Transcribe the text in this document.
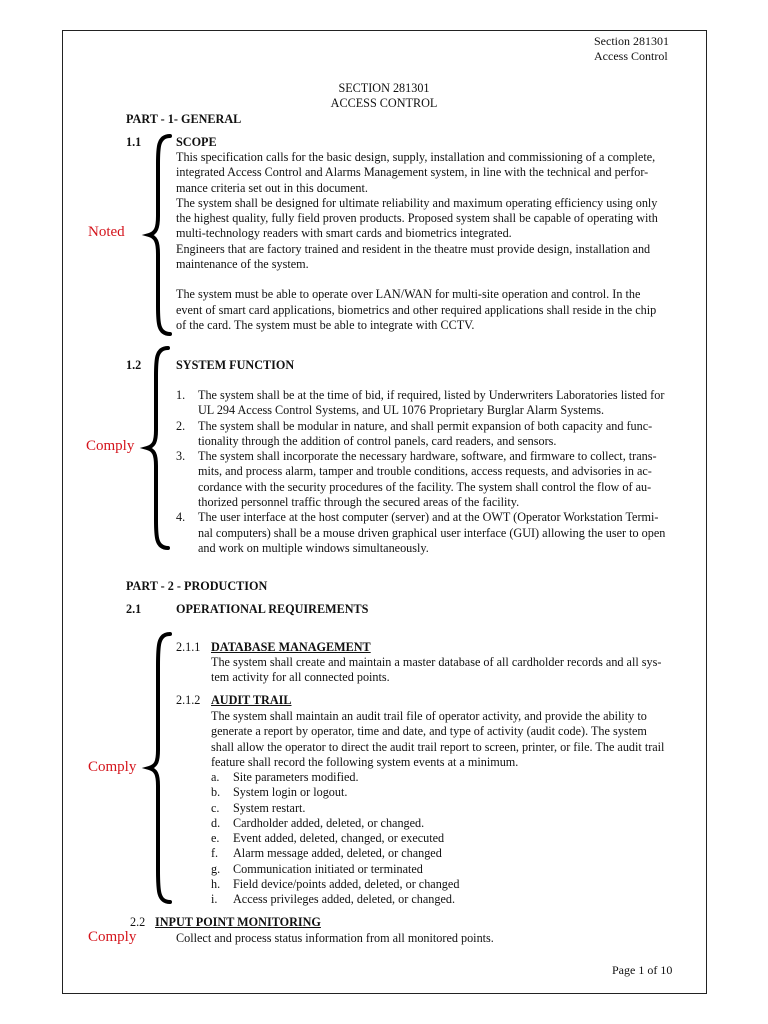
Section 281301
Access Control
SECTION 281301
ACCESS CONTROL
PART - 1- GENERAL
1.1	SCOPE
This specification calls for the basic design, supply, installation and commissioning of a complete,
integrated Access Control and Alarms Management system, in line with the technical and perfor-
mance criteria set out in this document.
The system shall be designed for ultimate reliability and maximum operating efficiency using only
the highest quality, fully field proven products. Proposed system shall be capable of operating with
multi-technology readers with smart cards and biometrics integrated.
Engineers that are factory trained and resident in the theatre must provide design, installation and
maintenance of the system.
The system must be able to operate over LAN/WAN for multi-site operation and control. In the
event of smart card applications, biometrics and other required applications shall reside in the chip
of the card. The system must be able to integrate with CCTV.
Noted
1.2	SYSTEM FUNCTION
1. The system shall be at the time of bid, if required, listed by Underwriters Laboratories listed for
UL 294 Access Control Systems, and UL 1076 Proprietary Burglar Alarm Systems.
2. The system shall be modular in nature, and shall permit expansion of both capacity and func-
tionality through the addition of control panels, card readers, and sensors.
3. The system shall incorporate the necessary hardware, software, and firmware to collect, trans-
mits, and process alarm, tamper and trouble conditions, access requests, and advisories in ac-
cordance with the security procedures of the facility. The system shall control the flow of au-
thorized personnel traffic through the secured areas of the facility.
4. The user interface at the host computer (server) and at the OWT (Operator Workstation Termi-
nal computers) shall be a mouse driven graphical user interface (GUI) allowing the user to open
and work on multiple windows simultaneously.
Comply
PART - 2 - PRODUCTION
2.1	OPERATIONAL REQUIREMENTS
2.1.1 DATABASE MANAGEMENT
The system shall create and maintain a master database of all cardholder records and all sys-
tem activity for all connected points.
2.1.2 AUDIT TRAIL
The system shall maintain an audit trail file of operator activity, and provide the ability to
generate a report by operator, time and date, and type of activity (audit code). The system
shall allow the operator to direct the audit trail report to screen, printer, or file. The audit trail
feature shall record the following system events at a minimum.
a. Site parameters modified.
b. System login or logout.
c. System restart.
d. Cardholder added, deleted, or changed.
e. Event added, deleted, changed, or executed
f. Alarm message added, deleted, or changed
g. Communication initiated or terminated
h. Field device/points added, deleted, or changed
i. Access privileges added, deleted, or changed.
Comply
2.2 INPUT POINT MONITORING
Comply	Collect and process status information from all monitored points.
Page 1 of 10
